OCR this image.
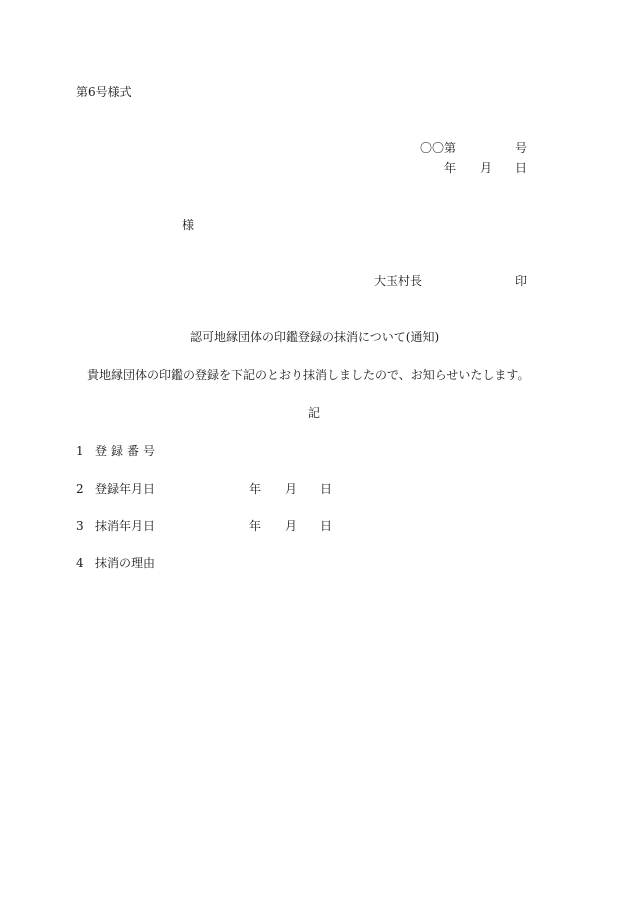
第6号様式
〇〇第	号
年 月 日
様
大玉村長	印
認可地縁団体の印鑑登録の抹消について(通知)
貴地縁団体の印鑑の登録を下記のとおり抹消しましたので、お知らせいたします。
記
1 登録番号
2 登録年月日	年 月 日
3 抹消年月日	年 月 日
4 抹消の理由
